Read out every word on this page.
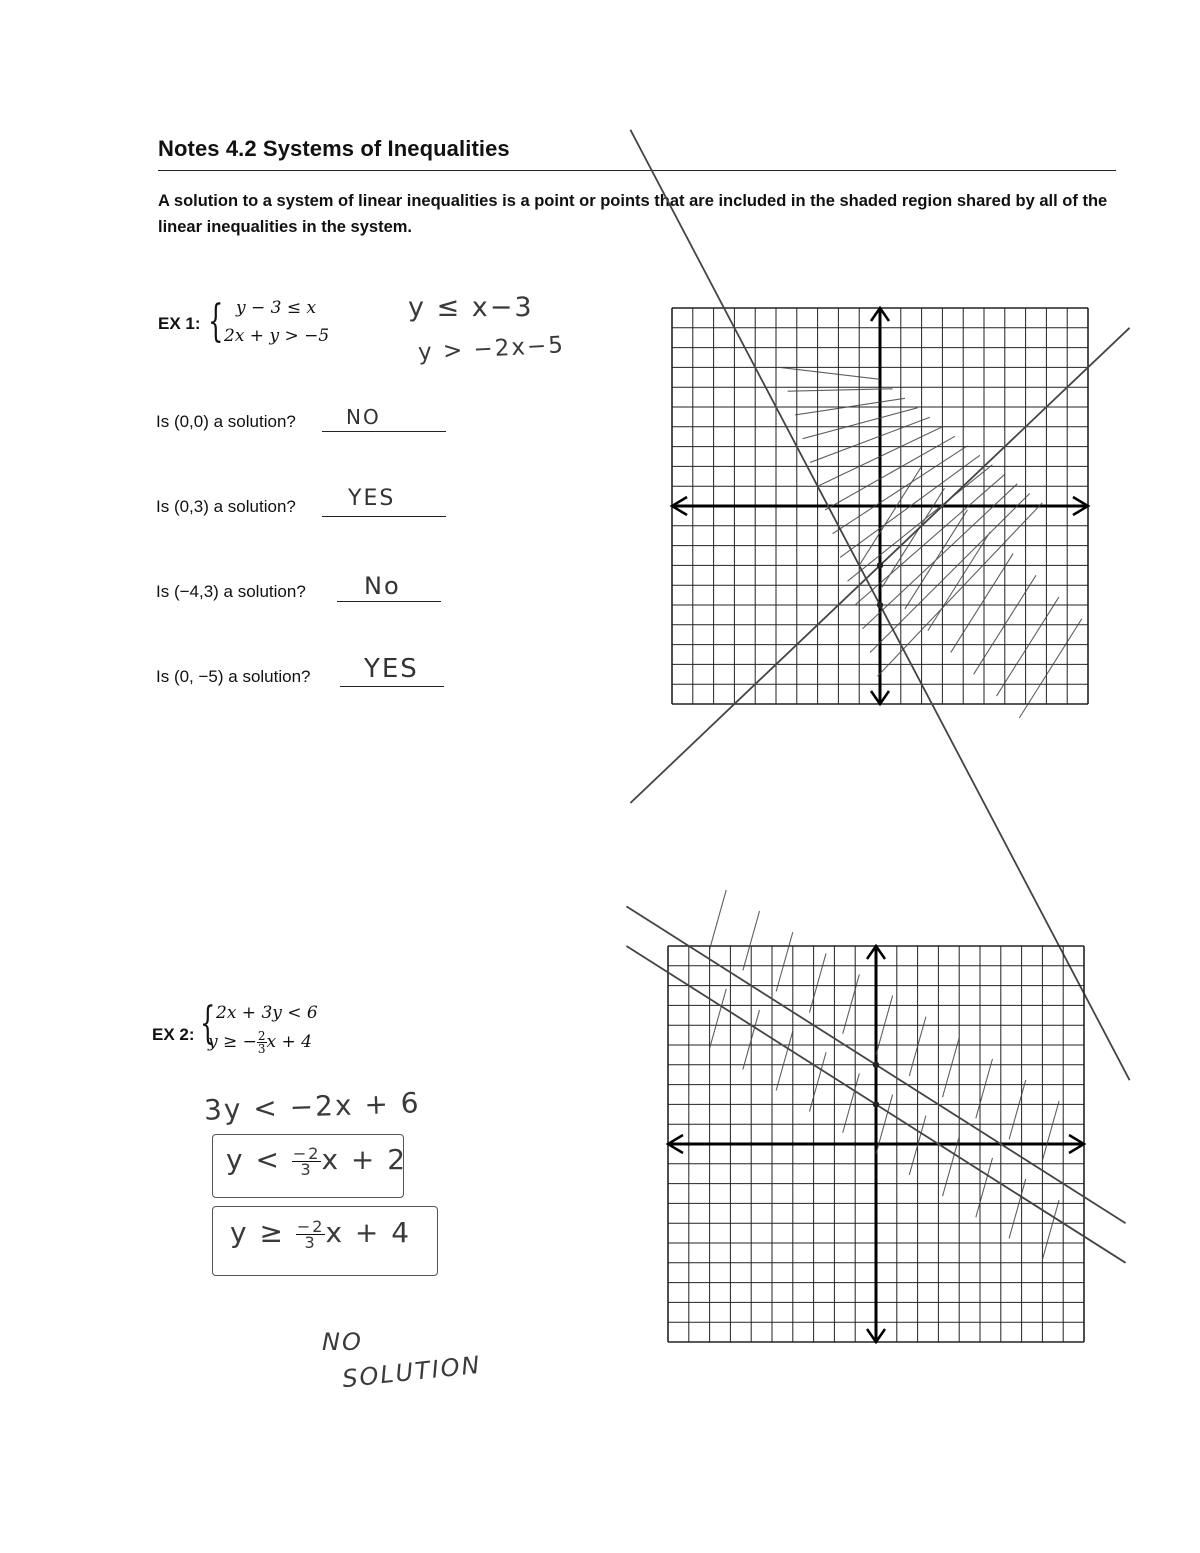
Notes 4.2 Systems of Inequalities
A solution to a system of linear inequalities is a point or points that are included in the shaded region shared by all of the linear inequalities in the system.
EX 1: { y − 3 ≤ x
2x + y > −5
y ≤ x−3
y > −2x−5
Is (0,0) a solution?	NO
Is (0,3) a solution? YES
Is (−4,3) a solution? No
Is (0, −5) a solution? YES
EX 2: { 2x + 3y < 6
y ≥ − $\frac{2}{3}$ x + 4
3y < −2x + 6
$y < \frac{-2}{3}$ x + 2
$y \ge \frac{-2}{3}$ x + 4
NO
SOLUTION
